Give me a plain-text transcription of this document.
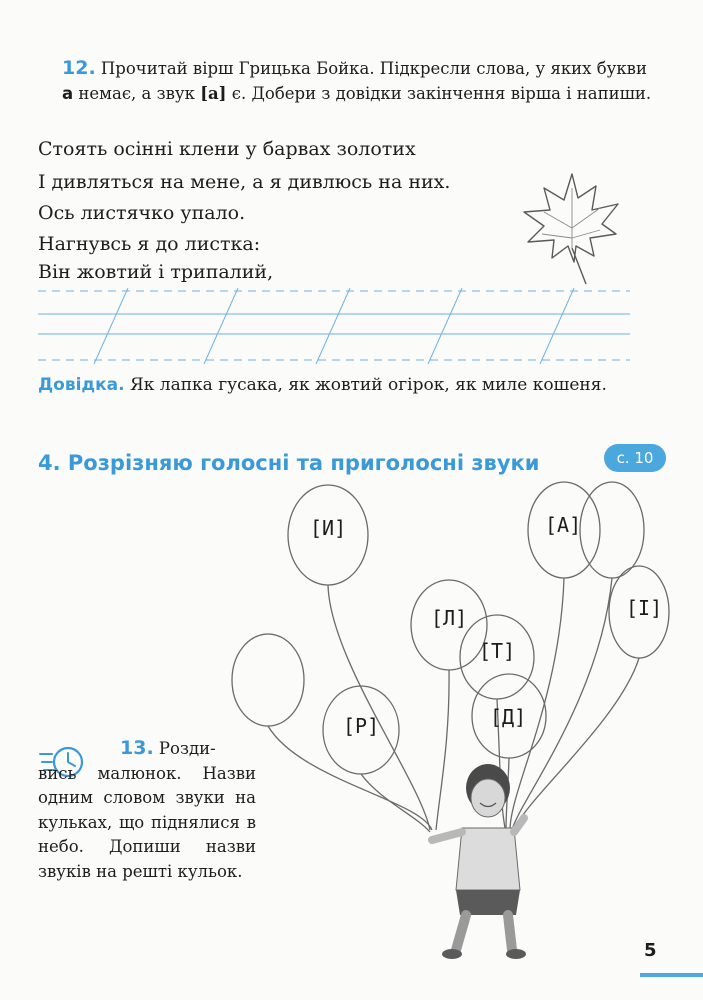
12. Прочитай вірш Грицька Бойка. Підкресли слова, у яких букви а немає, а звук [а] є. Добери з довідки закінчення вірша і напиши.
Стоять осінні клени у барвах золотих
І дивляться на мене, а я дивлюсь на них.
Ось листячко упало.
Нагнувсь я до листка:
Він жовтий і трипалий,
Довідка. Як лапка гусака, як жовтий огірок, як миле кошеня.
4. Розрізняю голосні та приголосні звуки	с. 10
[И]	[А]
[І]
[Л]
[Т]
[Р]	[Д]
13. Розди-
вись малюнок. Назви одним словом звуки на кульках, що піднялися в небо. Допиши назви звуків на решті кульок.
5
